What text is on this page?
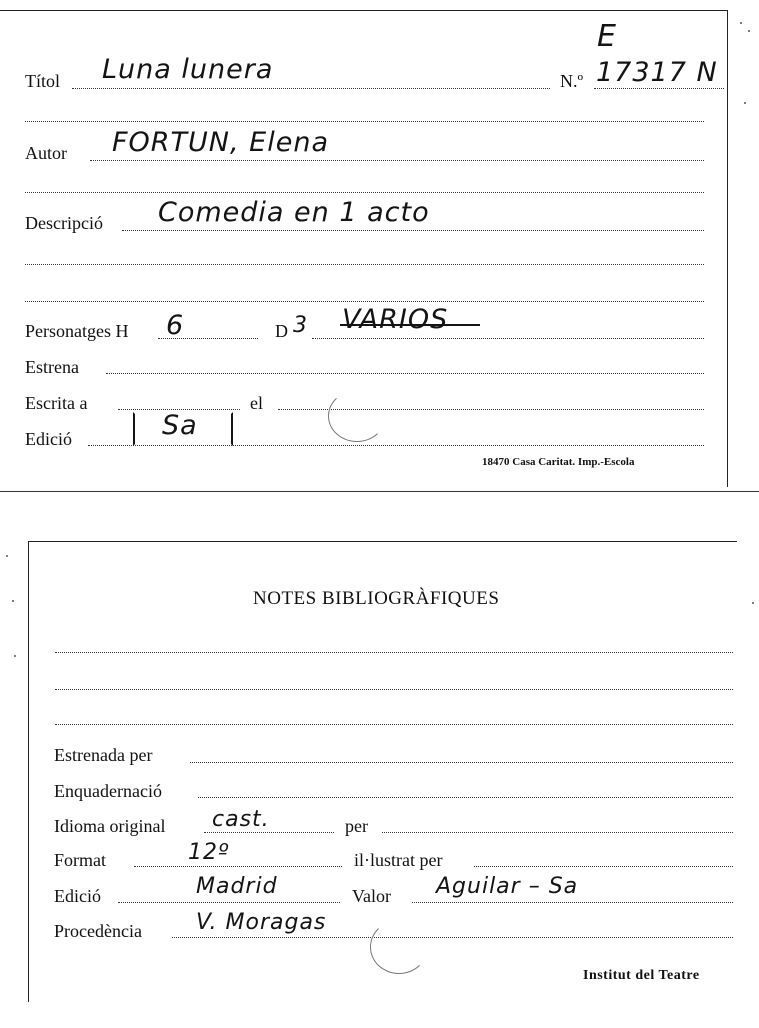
E
Títol Luna lunera	N.º 17317 N
Autor FORTUN, Elena
Descripció Comedia en 1 acto
Personatges H 6	D 3 VARIOS
Estrena
Escrita a	el
Edició	Sa
18470 Casa Caritat. Imp.-Escola
NOTES BIBLIOGRÀFIQUES
Estrenada per
Enquadernació
Idioma original cast.	per
Format	12º	il·lustrat per
Edició	Madrid	Valor Aguilar – Sa
Procedència V. Moragas
Institut del Teatre
